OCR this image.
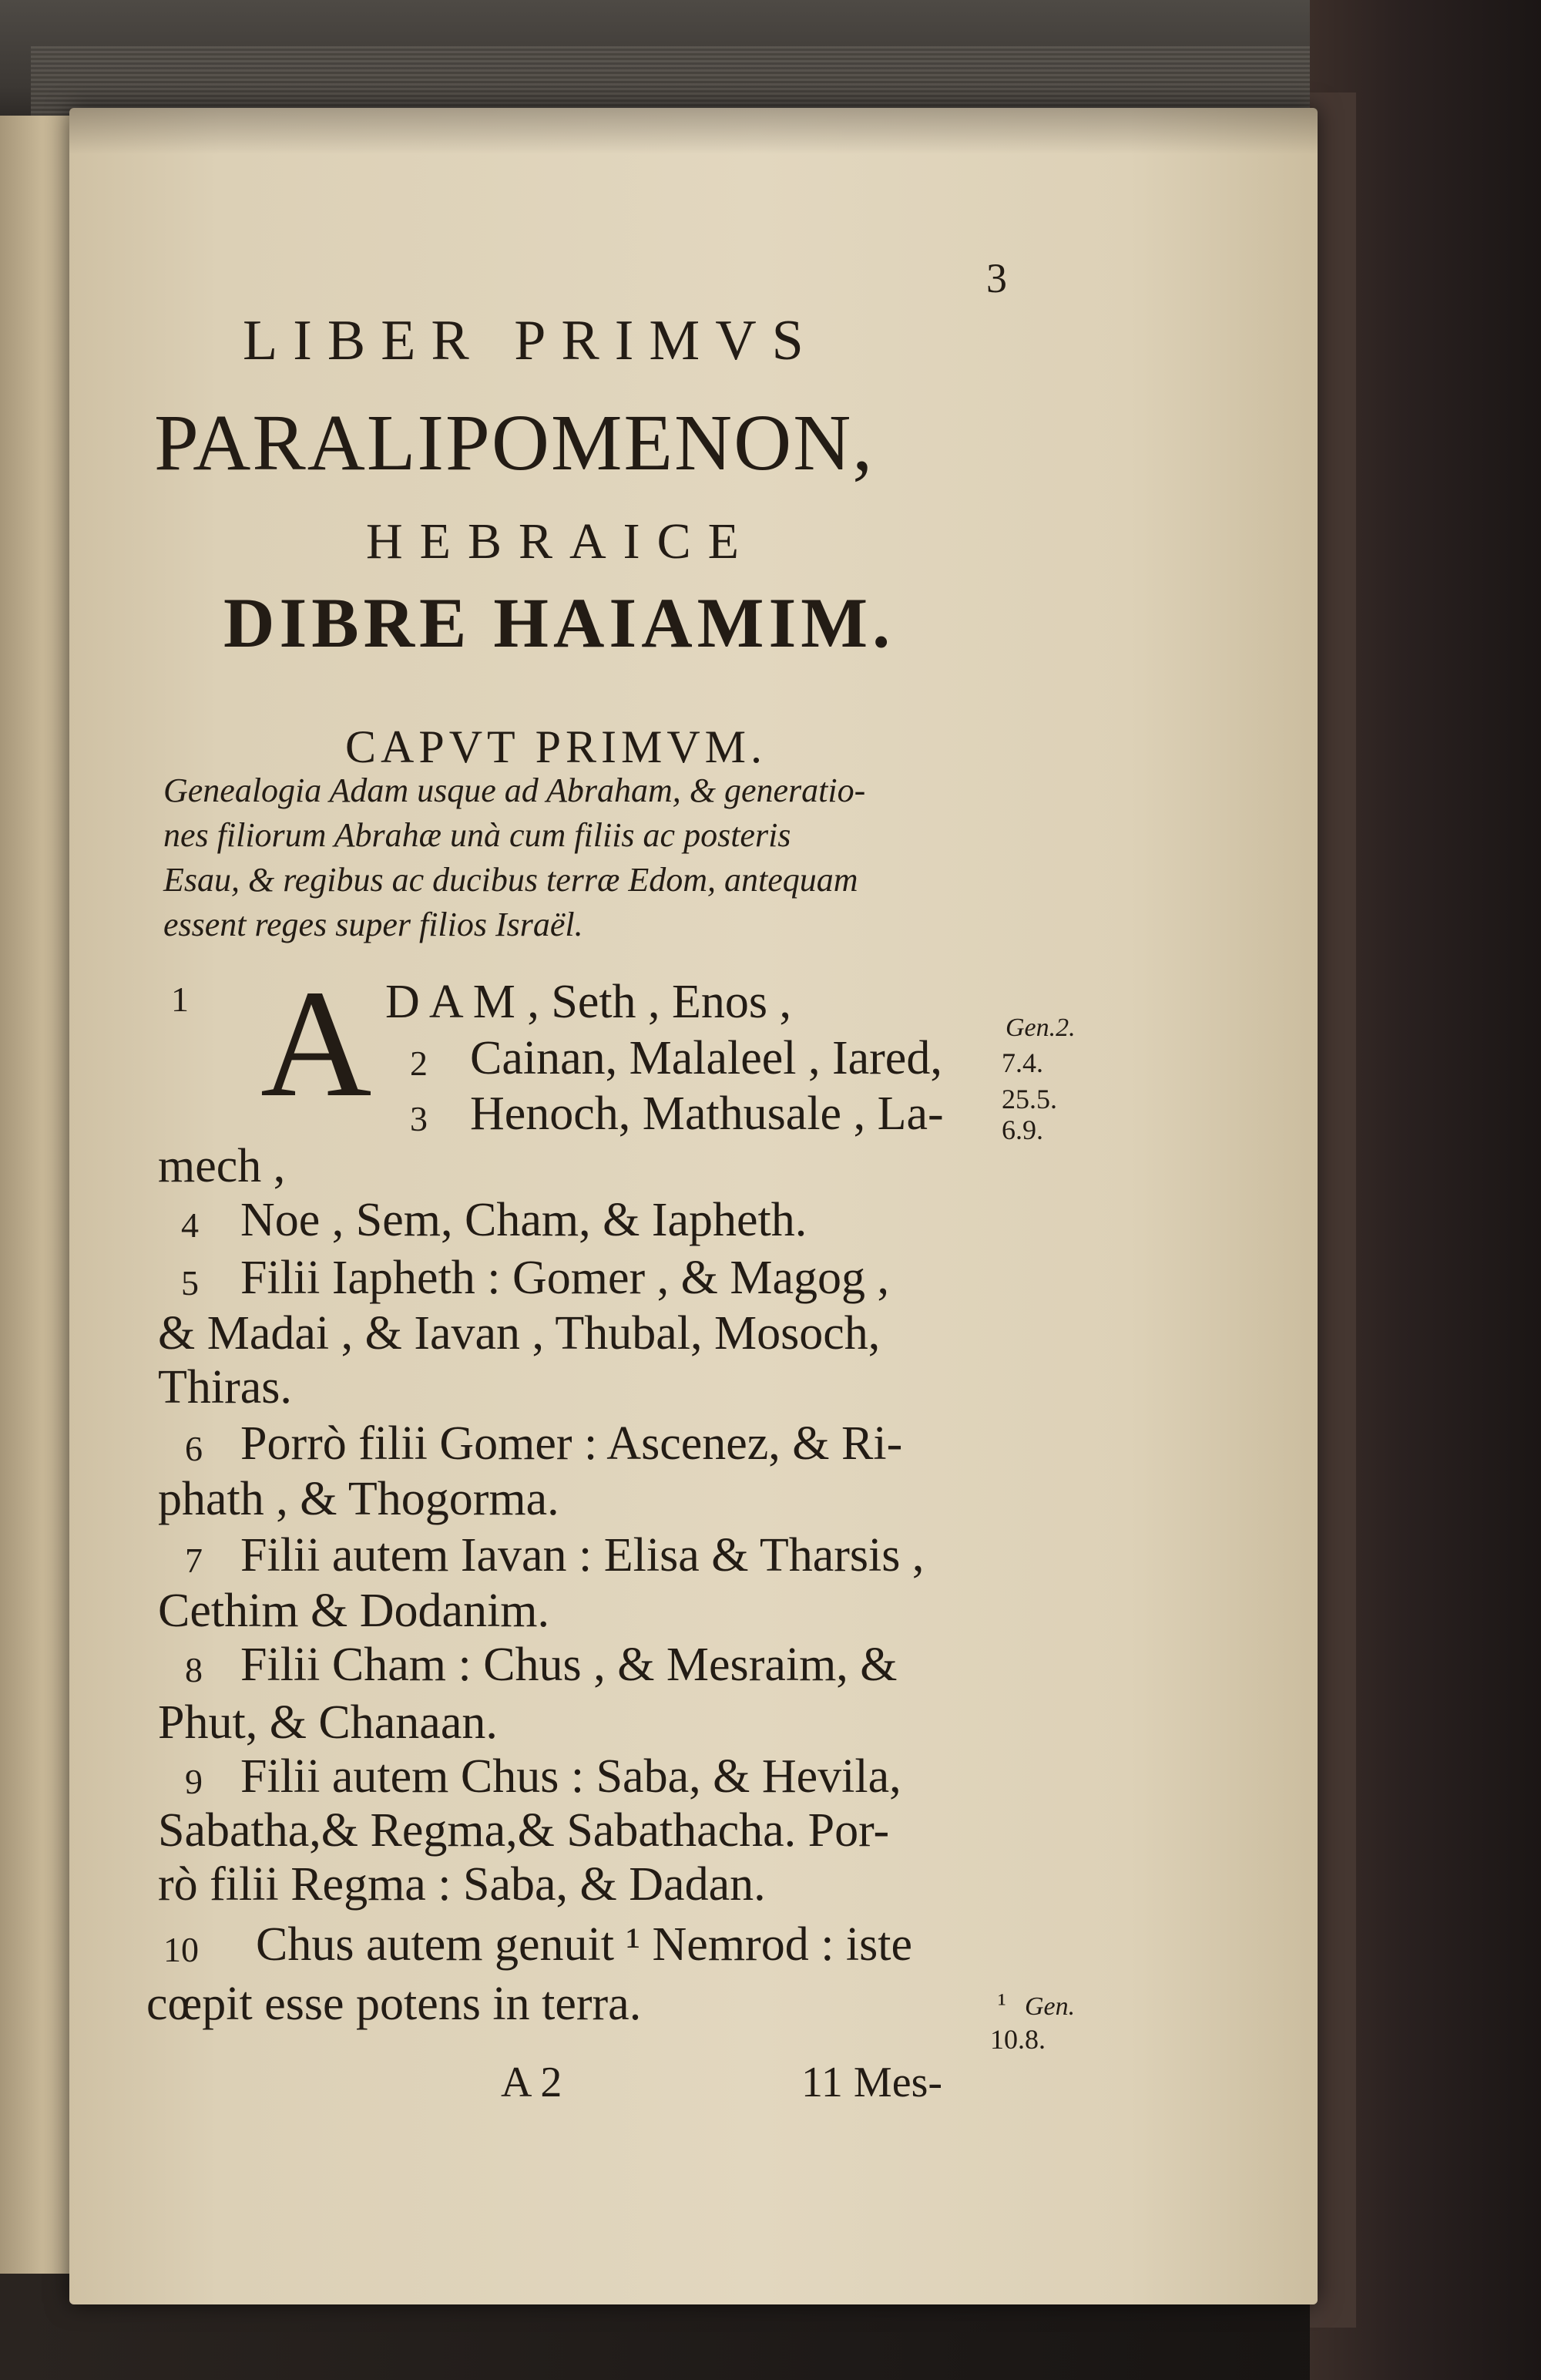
3
LIBER PRIMVS
PARALIPOMENON,
HEBRAICE
DIBRE HAIAMIM.
CAPVT PRIMVM.
Genealogia Adam usque ad Abraham, & generatio-
nes filiorum Abrahæ unà cum filiis ac posteris
Esau, & regibus ac ducibus terræ Edom, antequam
essent reges super filios Israël.
A
1	D A M , Seth , Enos ,
2 Cainan, Malaleel , Iared,
3 Henoch, Mathusale , La-
mech ,
4 Noe , Sem, Cham, & Iapheth.
5 Filii Iapheth : Gomer , & Magog ,
& Madai , & Iavan , Thubal, Mosoch,
Thiras.
6 Porrò filii Gomer : Ascenez, & Ri-
phath , & Thogorma.
7 Filii autem Iavan : Elisa & Tharsis ,
Cethim & Dodanim.
8 Filii Cham : Chus , & Mesraim, &
Phut, & Chanaan.
9 Filii autem Chus : Saba, & Hevila,
Sabatha,& Regma,& Sabathacha. Por-
rò filii Regma : Saba, & Dadan.
10 Chus autem genuit ¹ Nemrod : iste
cœpit esse potens in terra.
Gen.2.
7.4.
25.5.
6.9.
¹ Gen.
10.8.
A 2	11 Mes-
